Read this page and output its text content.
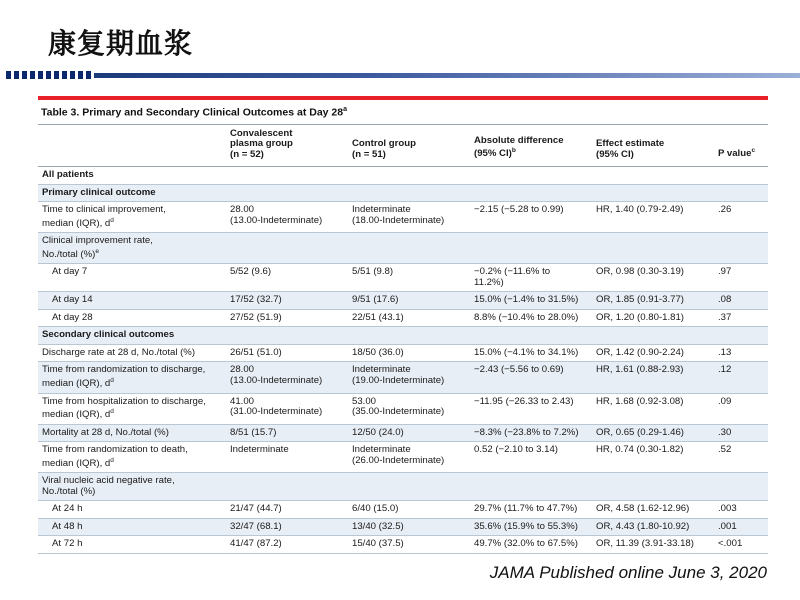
康复期血浆
Table 3. Primary and Secondary Clinical Outcomes at Day 28$^a$
	Convalescent
plasma group
(n = 52)	Control group
(n = 51)	Absolute difference
(95% CI)$^b$	Effect estimate
(95% CI)	P value$^c$
All patients					
Primary clinical outcome					
Time to clinical improvement,
median (IQR), $d^d$	28.00
(13.00-Indeterminate)	Indeterminate
(18.00-Indeterminate)	−2.15 (−5.28 to 0.99)	HR, 1.40 (0.79-2.49)	.26
Clinical improvement rate,
No./total (%)$^e$					
At day 7	5/52 (9.6)	5/51 (9.8)	−0.2% (−11.6% to
11.2%)	OR, 0.98 (0.30-3.19)	.97
At day 14	17/52 (32.7)	9/51 (17.6)	15.0% (−1.4% to 31.5%)	OR, 1.85 (0.91-3.77)	.08
At day 28	27/52 (51.9)	22/51 (43.1)	8.8% (−10.4% to 28.0%)	OR, 1.20 (0.80-1.81)	.37
Secondary clinical outcomes					
Discharge rate at 28 d, No./total (%)	26/51 (51.0)	18/50 (36.0)	15.0% (−4.1% to 34.1%)	OR, 1.42 (0.90-2.24)	.13
Time from randomization to discharge,
median (IQR), $d^d$	28.00
(13.00-Indeterminate)	Indeterminate
(19.00-Indeterminate)	−2.43 (−5.56 to 0.69)	HR, 1.61 (0.88-2.93)	.12
Time from hospitalization to discharge,
median (IQR), $d^d$	41.00
(31.00-Indeterminate)	53.00
(35.00-Indeterminate)	−11.95 (−26.33 to 2.43)	HR, 1.68 (0.92-3.08)	.09
Mortality at 28 d, No./total (%)	8/51 (15.7)	12/50 (24.0)	−8.3% (−23.8% to 7.2%)	OR, 0.65 (0.29-1.46)	.30
Time from randomization to death,
median (IQR), $d^d$	Indeterminate	Indeterminate
(26.00-Indeterminate)	0.52 (−2.10 to 3.14)	HR, 0.74 (0.30-1.82)	.52
Viral nucleic acid negative rate,
No./total (%)					
At 24 h	21/47 (44.7)	6/40 (15.0)	29.7% (11.7% to 47.7%)	OR, 4.58 (1.62-12.96)	.003
At 48 h	32/47 (68.1)	13/40 (32.5)	35.6% (15.9% to 55.3%)	OR, 4.43 (1.80-10.92)	.001
At 72 h	41/47 (87.2)	15/40 (37.5)	49.7% (32.0% to 67.5%)	OR, 11.39 (3.91-33.18)	<.001
JAMA Published online June 3, 2020
